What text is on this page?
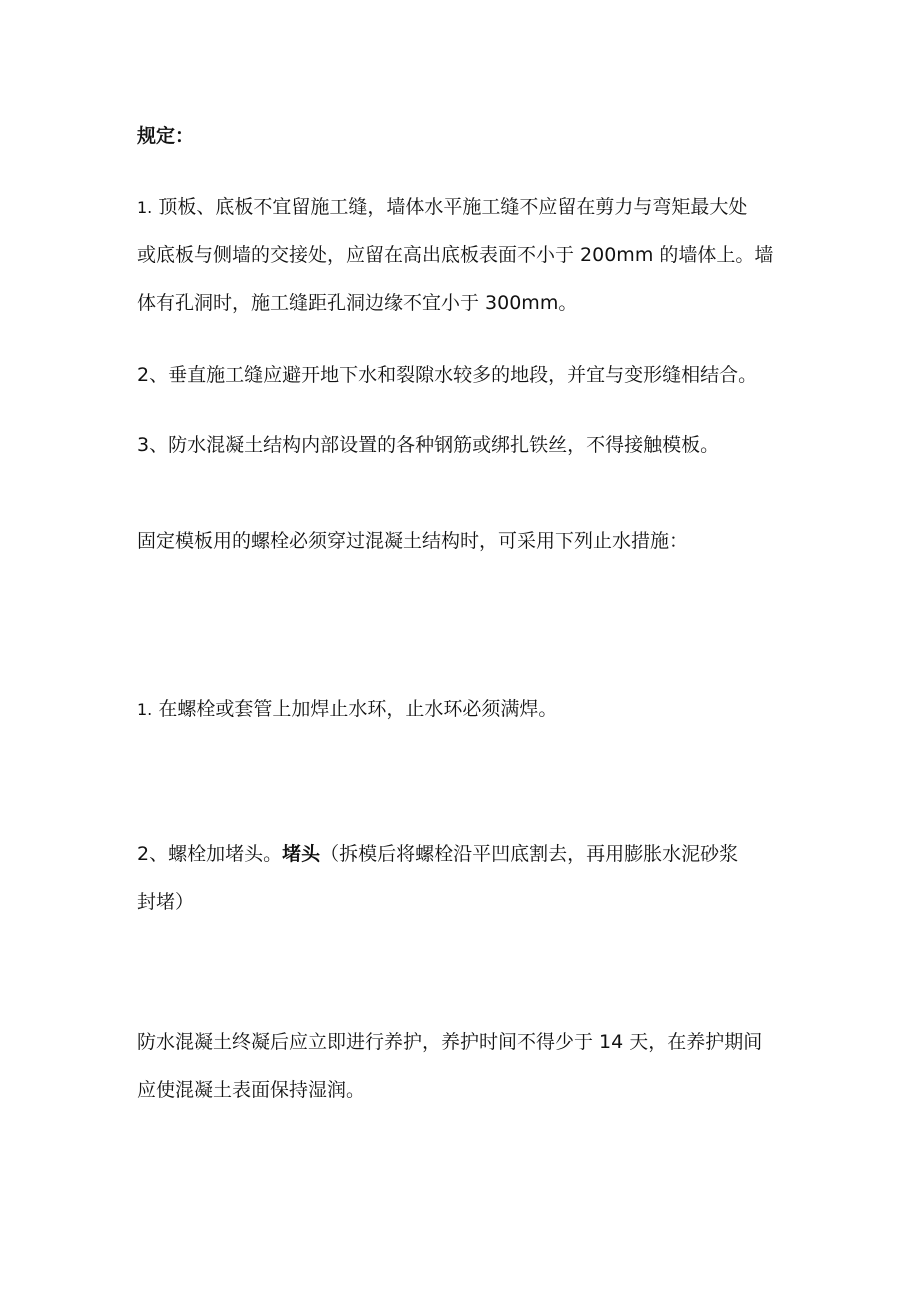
规定：
1. 顶板、底板不宜留施工缝，墙体水平施工缝不应留在剪力与弯矩最大处
或底板与侧墙的交接处，应留在高出底板表面不小于 200mm 的墙体上。墙
体有孔洞时，施工缝距孔洞边缘不宜小于 300mm。
2、垂直施工缝应避开地下水和裂隙水较多的地段，并宜与变形缝相结合。
3、防水混凝土结构内部设置的各种钢筋或绑扎铁丝，不得接触模板。
固定模板用的螺栓必须穿过混凝土结构时，可采用下列止水措施：
1. 在螺栓或套管上加焊止水环，止水环必须满焊。
2、螺栓加堵头。堵头（拆模后将螺栓沿平凹底割去，再用膨胀水泥砂浆
封堵）
防水混凝土终凝后应立即进行养护，养护时间不得少于 14 天，在养护期间
应使混凝土表面保持湿润。
